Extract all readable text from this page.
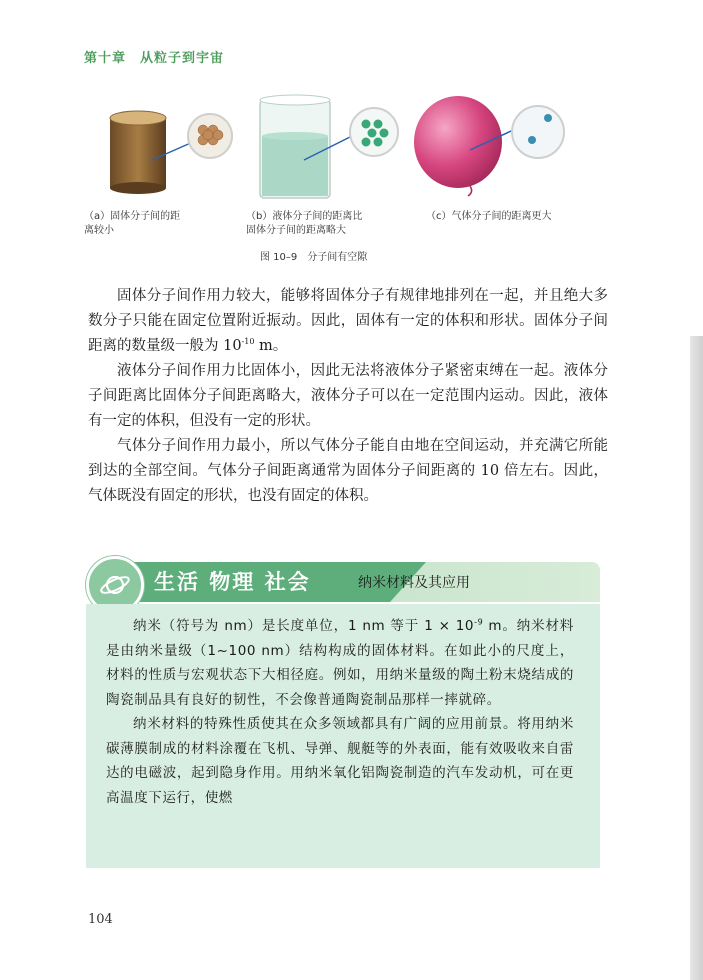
第十章　从粒子到宇宙
（a）固体分子间的距
离较小
（b）液体分子间的距离比
固体分子间的距离略大
（c）气体分子间的距离更大
图 10–9　分子间有空隙

固体分子间作用力较大，能够将固体分子有规律地排列在一起，并且绝大多数分子只能在固定位置附近振动。因此，固体有一定的体积和形状。固体分子间距离的数量级一般为 $10^{-10}$ m。

液体分子间作用力比固体小，因此无法将液体分子紧密束缚在一起。液体分子间距离比固体分子间距离略大，液体分子可以在一定范围内运动。因此，液体有一定的体积，但没有一定的形状。

气体分子间作用力最小，所以气体分子能自由地在空间运动，并充满它所能到达的全部空间。气体分子间距离通常为固体分子间距离的 10 倍左右。因此，气体既没有固定的形状，也没有固定的体积。

生活 物理 社会	纳米材料及其应用

纳米（符号为 nm）是长度单位，1 nm 等于 $1 \times 10^{-9}$ m。纳米材料是由纳米量级（1~100 nm）结构构成的固体材料。在如此小的尺度上，材料的性质与宏观状态下大相径庭。例如，用纳米量级的陶土粉末烧结成的陶瓷制品具有良好的韧性，不会像普通陶瓷制品那样一摔就碎。

纳米材料的特殊性质使其在众多领域都具有广阔的应用前景。将用纳米碳薄膜制成的材料涂覆在飞机、导弹、舰艇等的外表面，能有效吸收来自雷达的电磁波，起到隐身作用。用纳米氧化铝陶瓷制造的汽车发动机，可在更高温度下运行，使燃

104
